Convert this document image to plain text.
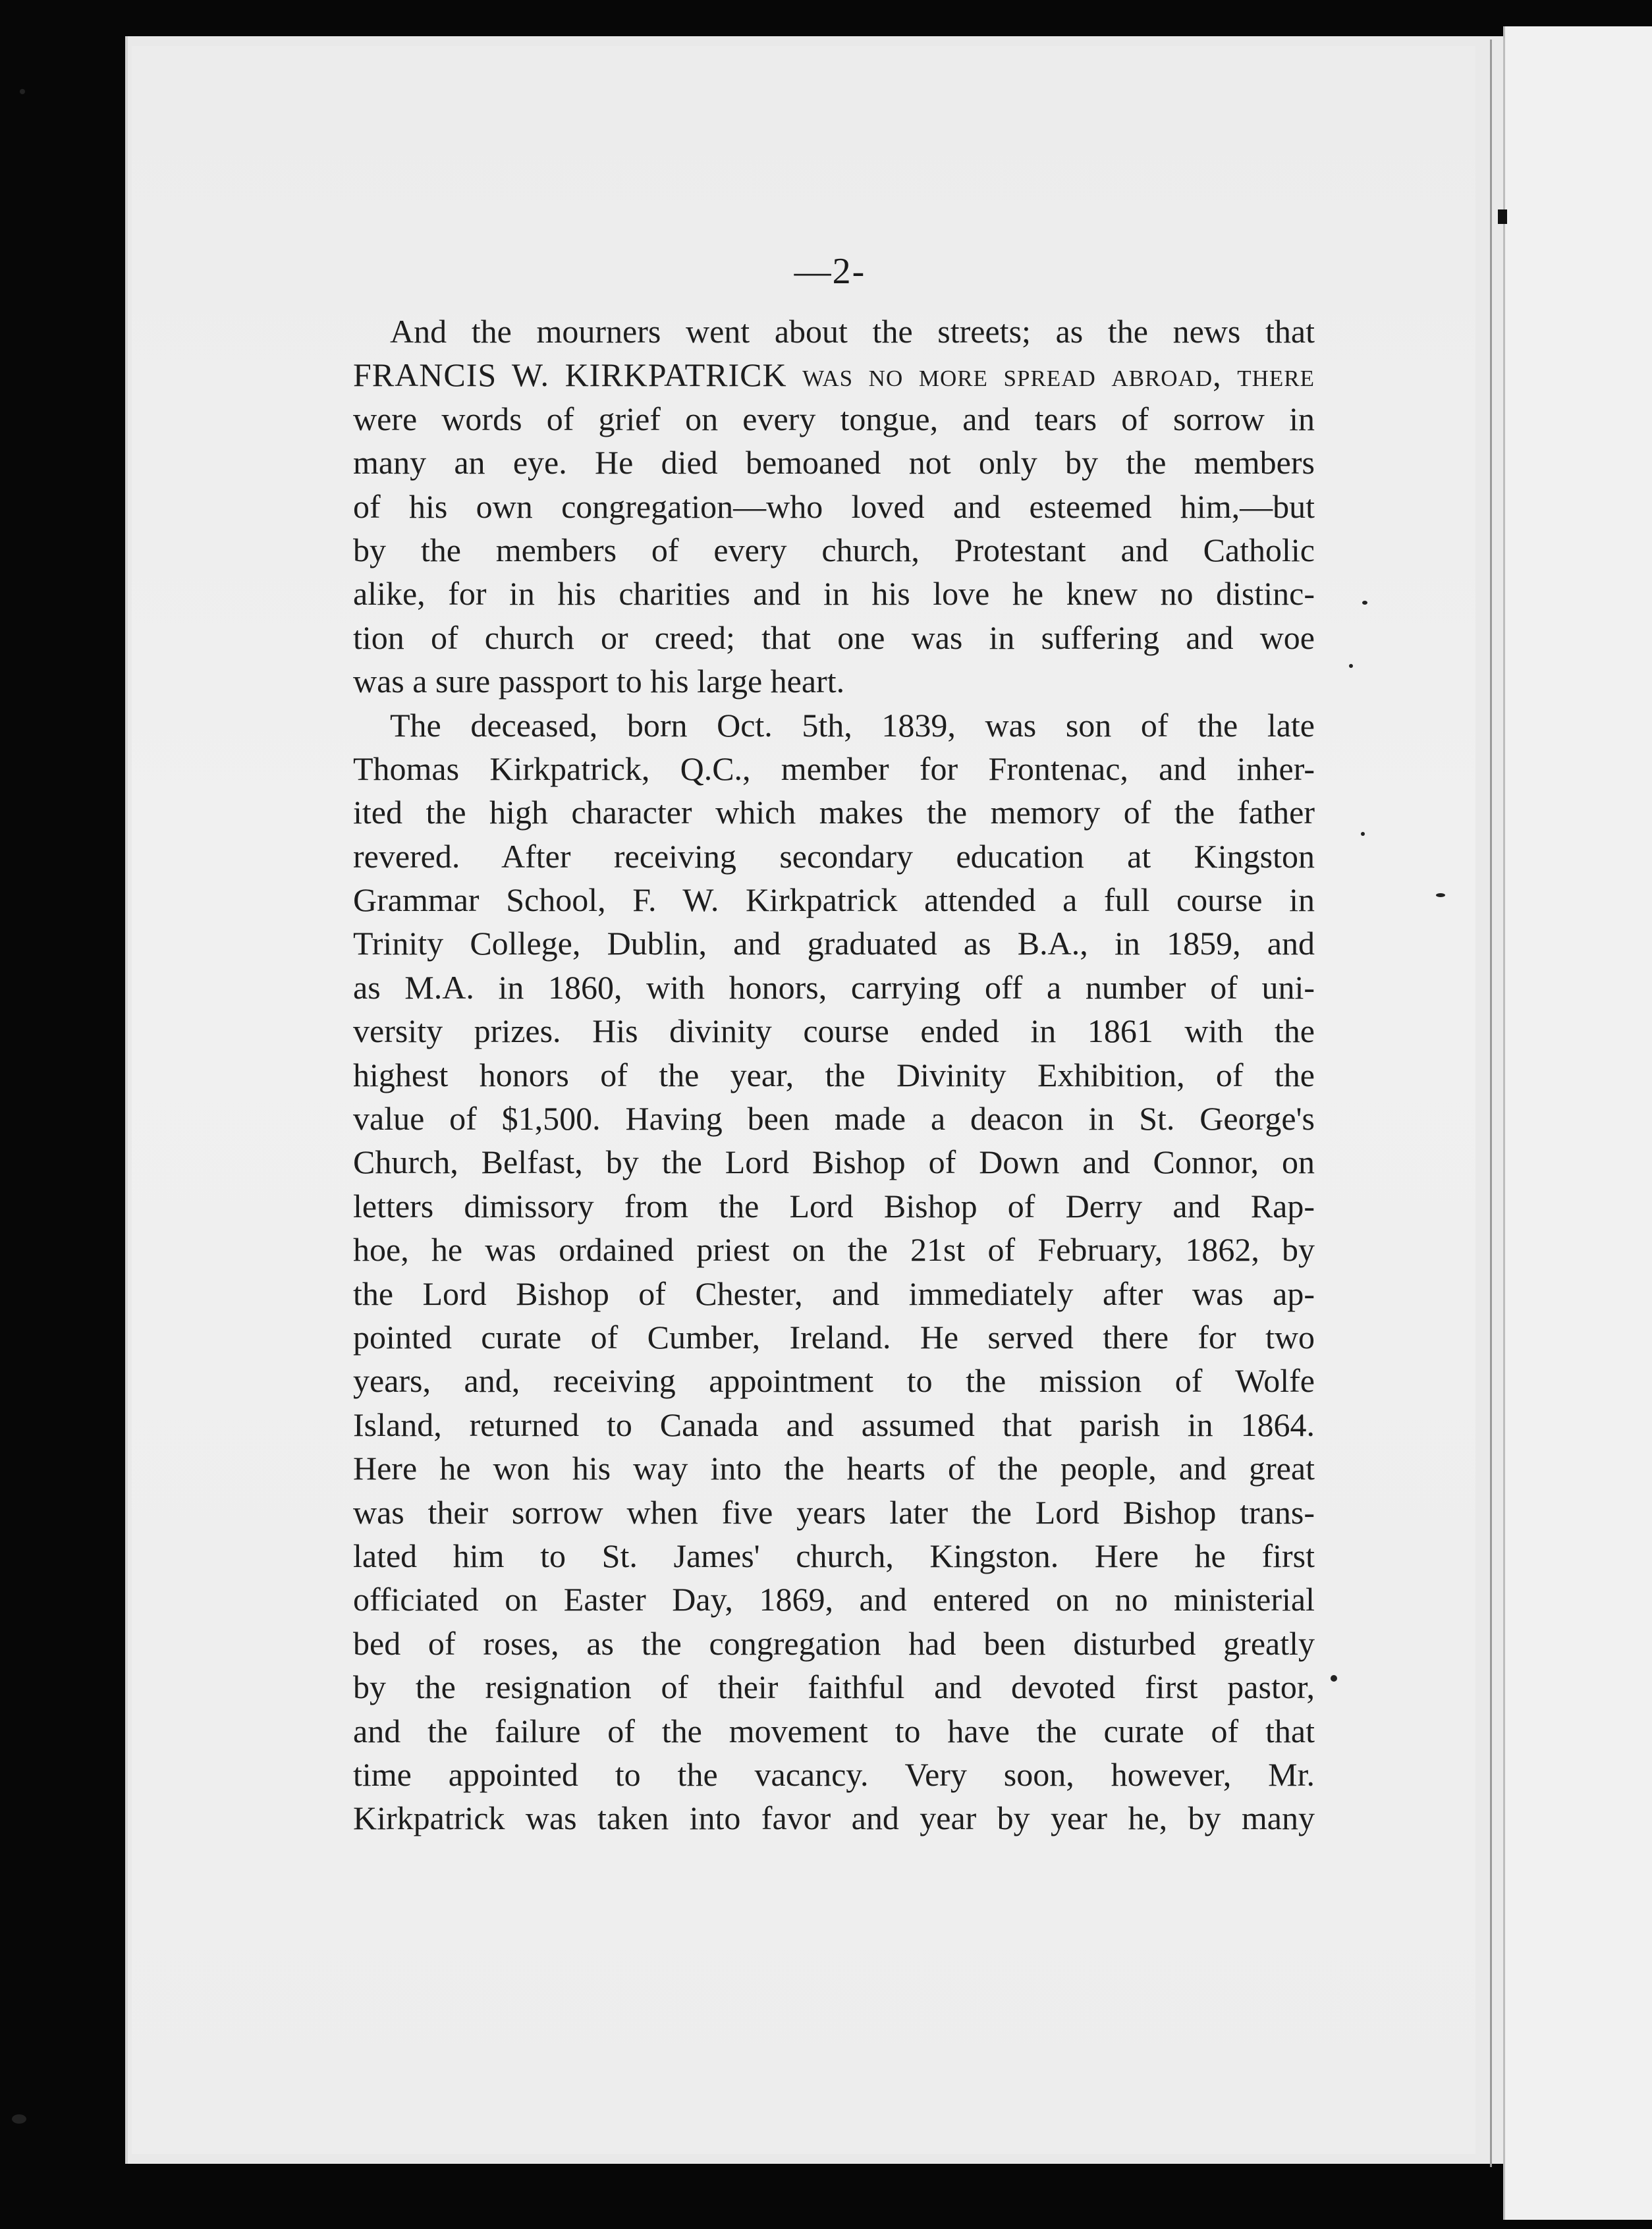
—2-
And the mourners went about the streets; as the news that
FRANCIS W. KIRKPATRICK was no more spread abroad, there
were words of grief on every tongue, and tears of sorrow in
many an eye. He died bemoaned not only by the members
of his own congregation—who loved and esteemed him,—but
by the members of every church, Protestant and Catholic
alike, for in his charities and in his love he knew no distinc-
tion of church or creed; that one was in suffering and woe
was a sure passport to his large heart.
The deceased, born Oct. 5th, 1839, was son of the late
Thomas Kirkpatrick, Q.C., member for Frontenac, and inher-
ited the high character which makes the memory of the father
revered. After receiving secondary education at Kingston
Grammar School, F. W. Kirkpatrick attended a full course in
Trinity College, Dublin, and graduated as B.A., in 1859, and
as M.A. in 1860, with honors, carrying off a number of uni-
versity prizes. His divinity course ended in 1861 with the
highest honors of the year, the Divinity Exhibition, of the
value of $1,500. Having been made a deacon in St. George's
Church, Belfast, by the Lord Bishop of Down and Connor, on
letters dimissory from the Lord Bishop of Derry and Rap-
hoe, he was ordained priest on the 21st of February, 1862, by
the Lord Bishop of Chester, and immediately after was ap-
pointed curate of Cumber, Ireland. He served there for two
years, and, receiving appointment to the mission of Wolfe
Island, returned to Canada and assumed that parish in 1864.
Here he won his way into the hearts of the people, and great
was their sorrow when five years later the Lord Bishop trans-
lated him to St. James' church, Kingston. Here he first
officiated on Easter Day, 1869, and entered on no ministerial
bed of roses, as the congregation had been disturbed greatly
by the resignation of their faithful and devoted first pastor,
and the failure of the movement to have the curate of that
time appointed to the vacancy. Very soon, however, Mr.
Kirkpatrick was taken into favor and year by year he, by many
